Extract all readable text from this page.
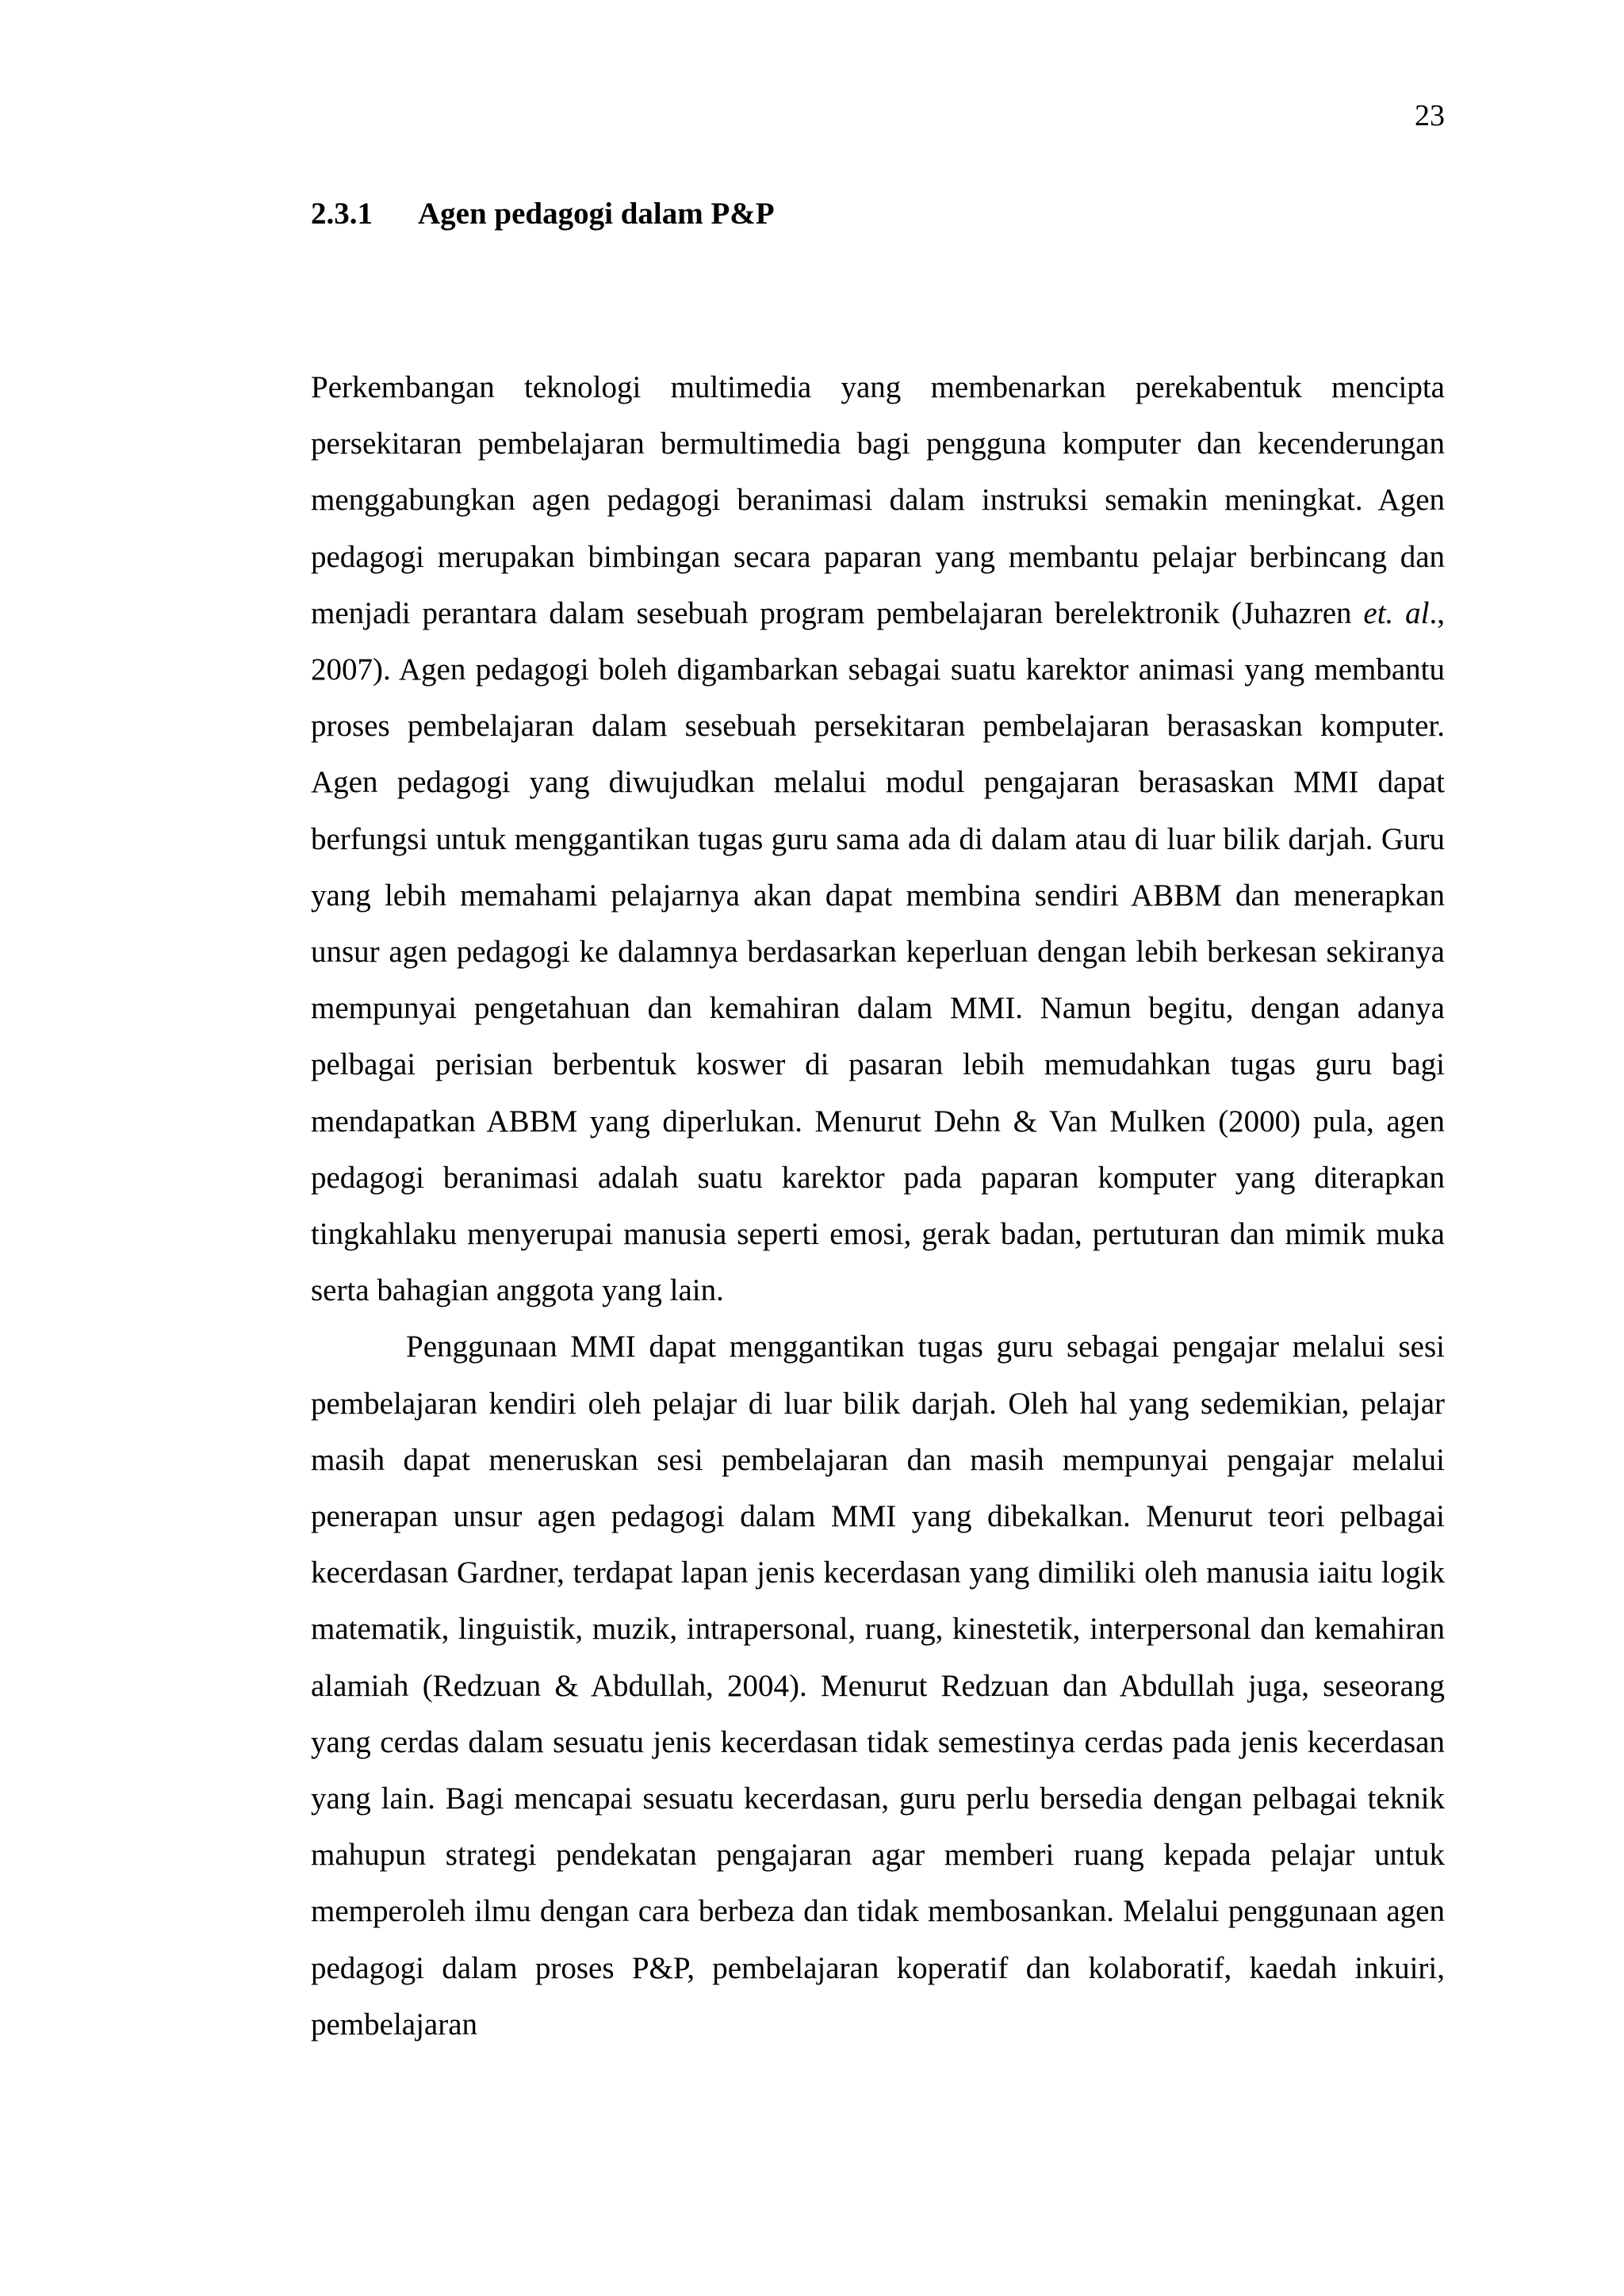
23
2.3.1 Agen pedagogi dalam P&P

Perkembangan teknologi multimedia yang membenarkan perekabentuk mencipta persekitaran pembelajaran bermultimedia bagi pengguna komputer dan kecenderungan menggabungkan agen pedagogi beranimasi dalam instruksi semakin meningkat. Agen pedagogi merupakan bimbingan secara paparan yang membantu pelajar berbincang dan menjadi perantara dalam sesebuah program pembelajaran berelektronik (Juhazren et. al., 2007). Agen pedagogi boleh digambarkan sebagai suatu karektor animasi yang membantu proses pembelajaran dalam sesebuah persekitaran pembelajaran berasaskan komputer. Agen pedagogi yang diwujudkan melalui modul pengajaran berasaskan MMI dapat berfungsi untuk menggantikan tugas guru sama ada di dalam atau di luar bilik darjah. Guru yang lebih memahami pelajarnya akan dapat membina sendiri ABBM dan menerapkan unsur agen pedagogi ke dalamnya berdasarkan keperluan dengan lebih berkesan sekiranya mempunyai pengetahuan dan kemahiran dalam MMI. Namun begitu, dengan adanya pelbagai perisian berbentuk koswer di pasaran lebih memudahkan tugas guru bagi mendapatkan ABBM yang diperlukan. Menurut Dehn & Van Mulken (2000) pula, agen pedagogi beranimasi adalah suatu karektor pada paparan komputer yang diterapkan tingkahlaku menyerupai manusia seperti emosi, gerak badan, pertuturan dan mimik muka serta bahagian anggota yang lain.

Penggunaan MMI dapat menggantikan tugas guru sebagai pengajar melalui sesi pembelajaran kendiri oleh pelajar di luar bilik darjah. Oleh hal yang sedemikian, pelajar masih dapat meneruskan sesi pembelajaran dan masih mempunyai pengajar melalui penerapan unsur agen pedagogi dalam MMI yang dibekalkan. Menurut teori pelbagai kecerdasan Gardner, terdapat lapan jenis kecerdasan yang dimiliki oleh manusia iaitu logik matematik, linguistik, muzik, intrapersonal, ruang, kinestetik, interpersonal dan kemahiran alamiah (Redzuan & Abdullah, 2004). Menurut Redzuan dan Abdullah juga, seseorang yang cerdas dalam sesuatu jenis kecerdasan tidak semestinya cerdas pada jenis kecerdasan yang lain. Bagi mencapai sesuatu kecerdasan, guru perlu bersedia dengan pelbagai teknik mahupun strategi pendekatan pengajaran agar memberi ruang kepada pelajar untuk memperoleh ilmu dengan cara berbeza dan tidak membosankan. Melalui penggunaan agen pedagogi dalam proses P&P, pembelajaran koperatif dan kolaboratif, kaedah inkuiri, pembelajaran
